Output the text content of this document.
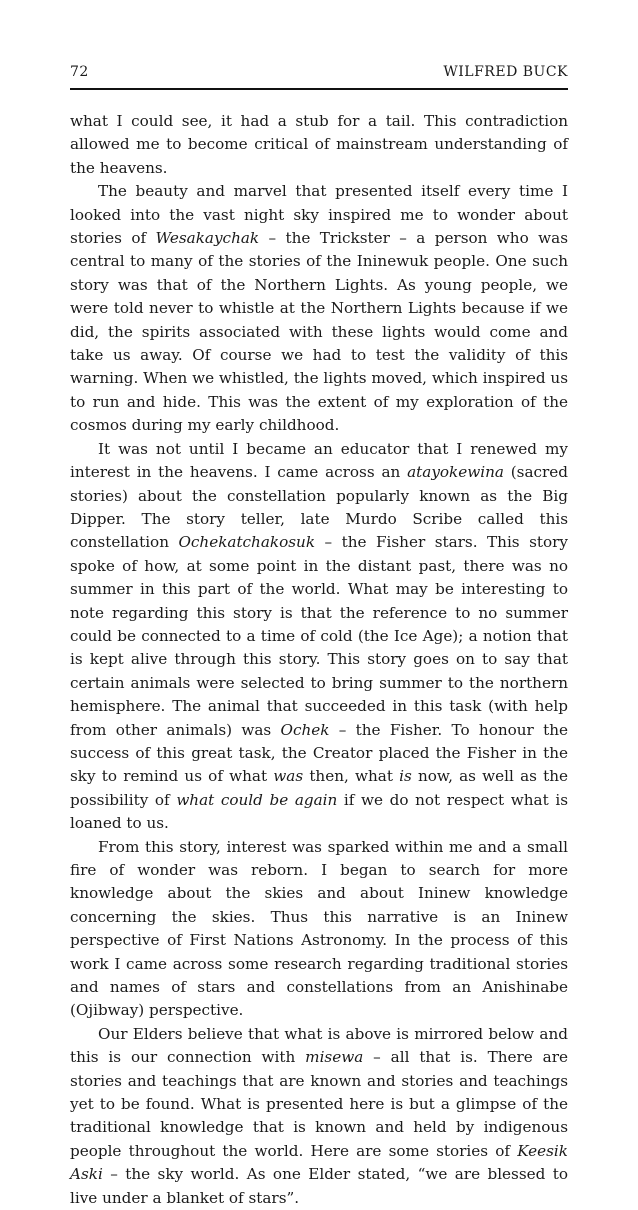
72	WILFRED BUCK

what I could see, it had a stub for a tail. This contradiction allowed me to become critical of mainstream understanding of the heavens.

The beauty and marvel that presented itself every time I looked into the vast night sky inspired me to wonder about stories of Wesakaychak – the Trickster – a person who was central to many of the stories of the Ininewuk people. One such story was that of the Northern Lights. As young people, we were told never to whistle at the Northern Lights because if we did, the spirits associated with these lights would come and take us away. Of course we had to test the validity of this warning. When we whistled, the lights moved, which inspired us to run and hide. This was the extent of my exploration of the cosmos during my early childhood.

It was not until I became an educator that I renewed my interest in the heavens. I came across an atayokewina (sacred stories) about the constellation popularly known as the Big Dipper. The story teller, late Murdo Scribe called this constellation Ochekatchakosuk – the Fisher stars. This story spoke of how, at some point in the distant past, there was no summer in this part of the world. What may be interesting to note regarding this story is that the reference to no summer could be connected to a time of cold (the Ice Age); a notion that is kept alive through this story. This story goes on to say that certain animals were selected to bring summer to the northern hemisphere. The animal that succeeded in this task (with help from other animals) was Ochek – the Fisher. To honour the success of this great task, the Creator placed the Fisher in the sky to remind us of what was then, what is now, as well as the possibility of what could be again if we do not respect what is loaned to us.

From this story, interest was sparked within me and a small fire of wonder was reborn. I began to search for more knowledge about the skies and about Ininew knowledge concerning the skies. Thus this narrative is an Ininew perspective of First Nations Astronomy. In the process of this work I came across some research regarding traditional stories and names of stars and constellations from an Anishinabe (Ojibway) perspective.

Our Elders believe that what is above is mirrored below and this is our connection with misewa – all that is. There are stories and teachings that are known and stories and teachings yet to be found. What is presented here is but a glimpse of the traditional knowledge that is known and held by indigenous people throughout the world. Here are some stories of Keesik Aski – the sky world. As one Elder stated, “we are blessed to live under a blanket of stars”.
